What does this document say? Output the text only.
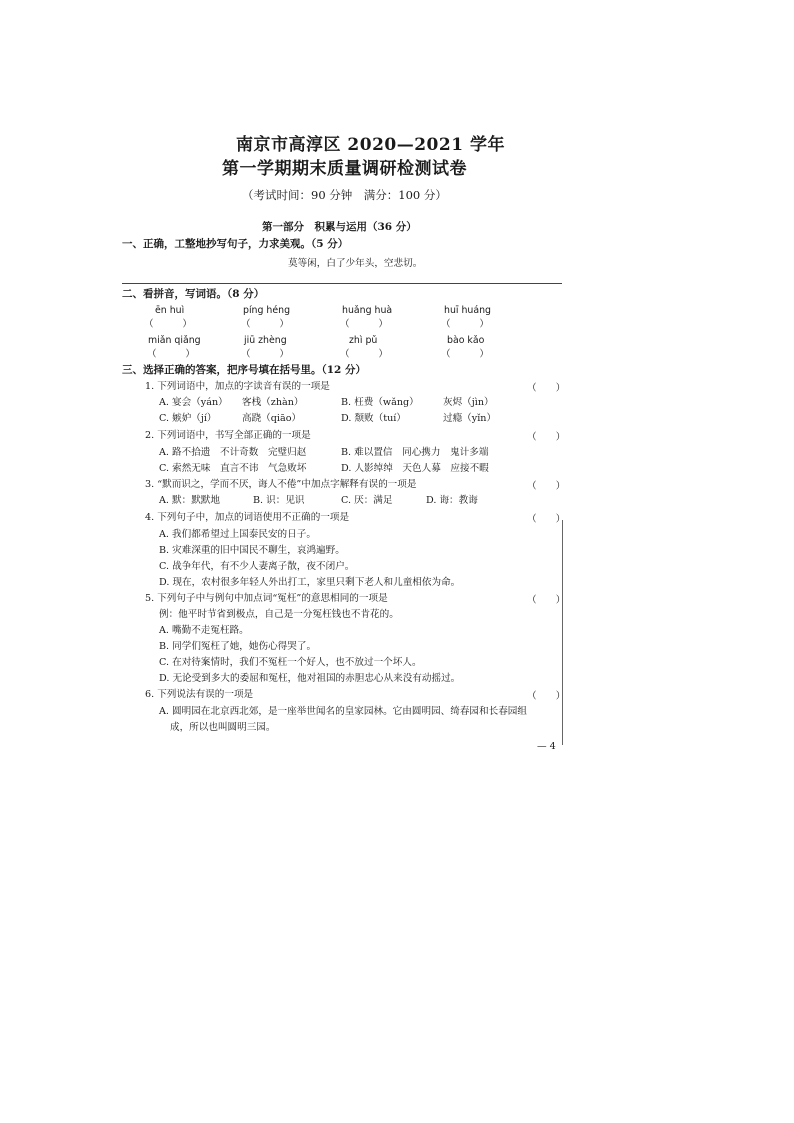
南京市高淳区 2020—2021 学年
第一学期期末质量调研检测试卷
（考试时间：90 分钟　满分：100 分）
第一部分　积累与运用（36 分）
一、正确，工整地抄写句子，力求美观。（5 分）
莫等闲，白了少年头，空悲切。
二、看拼音，写词语。（8 分）
ēn huì	píng héng	huǎng huà	huī huáng
（　　　）	（　　　）	（　　　）	（　　　）
miǎn qiǎng	jiū zhèng	zhì pǔ	bào kǎo
（　　　）	（　　　）	（　　　）	（　　　）
三、选择正确的答案，把序号填在括号里。（12 分）
1. 下列词语中，加点的字读音有误的一项是	（　　）
A. 宴会（yán） 客栈（zhàn）	B. 枉费（wǎng）	灰烬（jìn）
C. 嫉妒（jí）	高跷（qiāo）	D. 颓败（tuí）	过瘾（yǐn）
2. 下列词语中，书写全部正确的一项是	（　　）
A. 路不拾遗　不计奇数　完璧归赵	B. 难以置信　同心携力　鬼计多端
C. 索然无味　直言不讳　气急败坏	D. 人影绰绰　天色人募　应接不暇
3. “默而识之，学而不厌，诲人不倦”中加点字解释有误的一项是	（　　）
A. 默：默默地	B. 识：见识	C. 厌：满足	D. 诲：教诲
4. 下列句子中，加点的词语使用不正确的一项是	（　　）
A. 我们都希望过上国泰民安的日子。
B. 灾难深重的旧中国民不聊生，哀鸿遍野。
C. 战争年代，有不少人妻离子散，夜不闭户。
D. 现在，农村很多年轻人外出打工，家里只剩下老人和儿童相依为命。
5. 下列句子中与例句中加点词“冤枉”的意思相同的一项是	（　　）
例：他平时节省到极点，自己是一分冤枉钱也不肯花的。
A. 嘴勤不走冤枉路。
B. 同学们冤枉了她，她伤心得哭了。
C. 在对待案情时，我们不冤枉一个好人，也不放过一个坏人。
D. 无论受到多大的委屈和冤枉，他对祖国的赤胆忠心从来没有动摇过。
6. 下列说法有误的一项是	（　　）
A. 圆明园在北京西北郊，是一座举世闻名的皇家园林。它由圆明园、绮春园和长春园组
成，所以也叫圆明三园。
— 4
